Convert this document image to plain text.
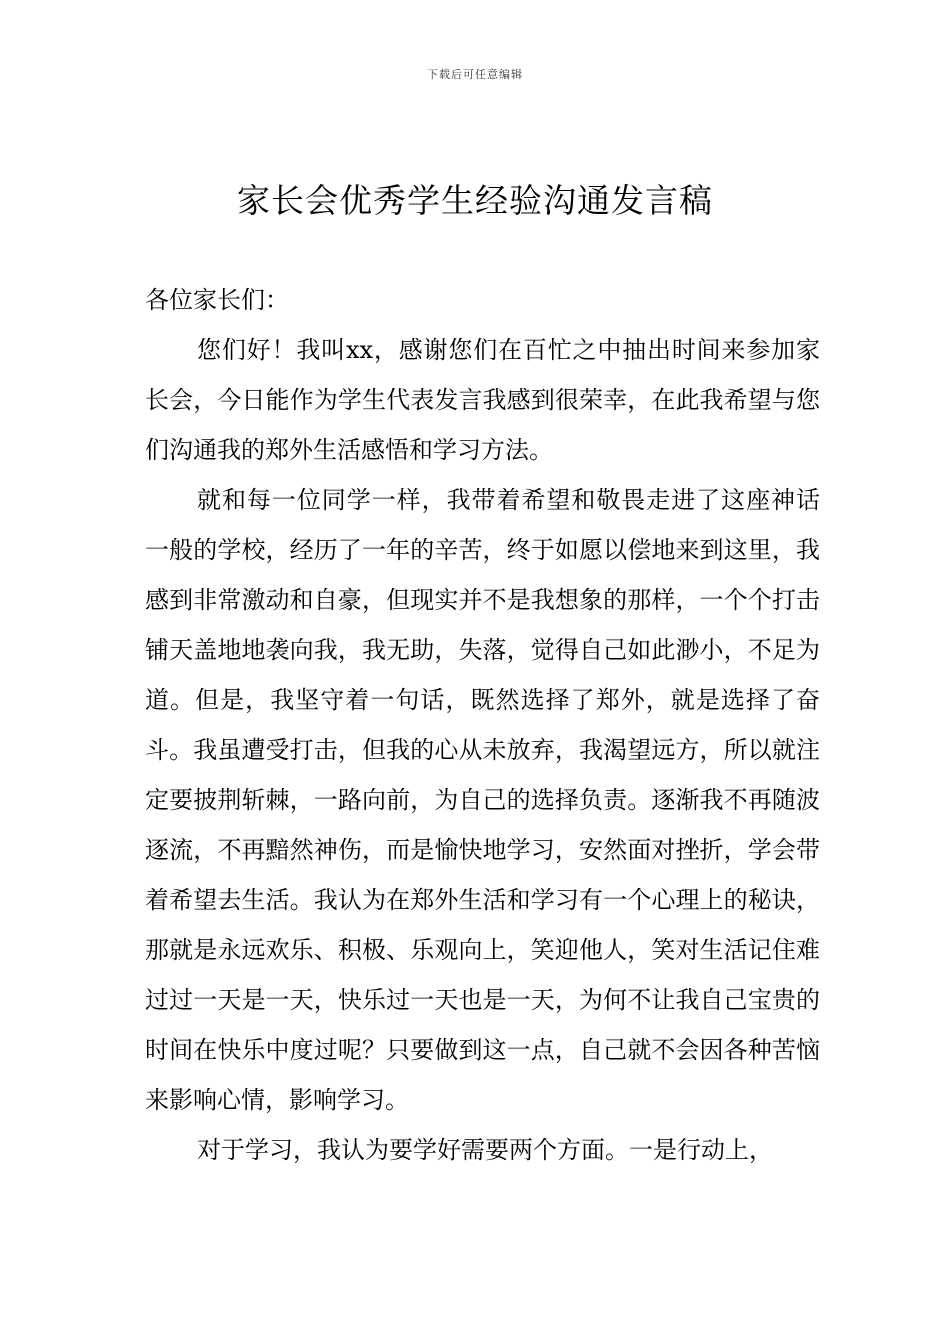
下载后可任意编辑
家长会优秀学生经验沟通发言稿

各位家长们：

您们好！我叫xx，感谢您们在百忙之中抽出时间来参加家长会，今日能作为学生代表发言我感到很荣幸，在此我希望与您们沟通我的郑外生活感悟和学习方法。

就和每一位同学一样，我带着希望和敬畏走进了这座神话一般的学校，经历了一年的辛苦，终于如愿以偿地来到这里，我感到非常激动和自豪，但现实并不是我想象的那样，一个个打击铺天盖地地袭向我，我无助，失落，觉得自己如此渺小，不足为道。但是，我坚守着一句话，既然选择了郑外，就是选择了奋斗。我虽遭受打击，但我的心从未放弃，我渴望远方，所以就注定要披荆斩棘，一路向前，为自己的选择负责。逐渐我不再随波逐流，不再黯然神伤，而是愉快地学习，安然面对挫折，学会带着希望去生活。我认为在郑外生活和学习有一个心理上的秘诀，那就是永远欢乐、积极、乐观向上，笑迎他人，笑对生活记住难过过一天是一天，快乐过一天也是一天，为何不让我自己宝贵的时间在快乐中度过呢？只要做到这一点，自己就不会因各种苦恼来影响心情，影响学习。

对于学习，我认为要学好需要两个方面。一是行动上，
